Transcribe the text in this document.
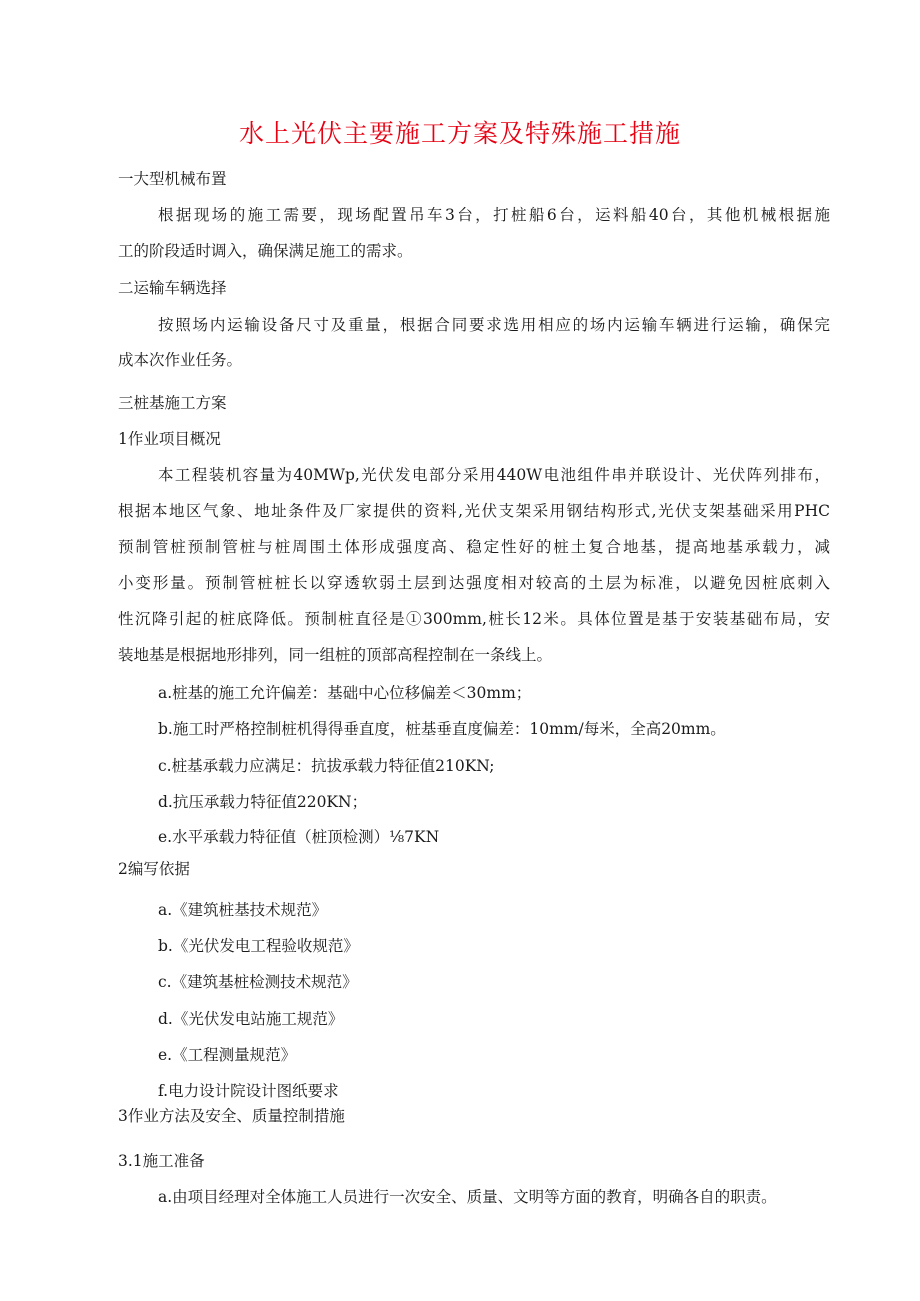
水上光伏主要施工方案及特殊施工措施
一大型机械布置
根据现场的施工需要，现场配置吊车3台，打桩船6台，运料船40台，其他机械根据施
工的阶段适时调入，确保满足施工的需求。
二运输车辆选择
按照场内运输设备尺寸及重量，根据合同要求选用相应的场内运输车辆进行运输，确保完
成本次作业任务。
三桩基施工方案
1作业项目概况
本工程装机容量为40MWp,光伏发电部分采用440W电池组件串并联设计、光伏阵列排布，
根据本地区气象、地址条件及厂家提供的资料,光伏支架采用钢结构形式,光伏支架基础采用PHC
预制管桩预制管桩与桩周围土体形成强度高、稳定性好的桩土复合地基，提高地基承载力，减
小变形量。预制管桩桩长以穿透软弱土层到达强度相对较高的土层为标准，以避免因桩底刺入
性沉降引起的桩底降低。预制桩直径是①300mm,桩长12米。具体位置是基于安装基础布局，安
装地基是根据地形排列，同一组桩的顶部高程控制在一条线上。
a.桩基的施工允许偏差：基础中心位移偏差＜30mm；
b.施工时严格控制桩机得得垂直度，桩基垂直度偏差：10mm/每米，全高20mm。
c.桩基承载力应满足：抗拔承载力特征值210KN;
d.抗压承载力特征值220KN；
e.水平承载力特征值（桩顶检测）⅛7KN
2编写依据
a.《建筑桩基技术规范》
b.《光伏发电工程验收规范》
c.《建筑基桩检测技术规范》
d.《光伏发电站施工规范》
e.《工程测量规范》
f.电力设计院设计图纸要求
3作业方法及安全、质量控制措施
3.1施工准备
a.由项目经理对全体施工人员进行一次安全、质量、文明等方面的教育，明确各自的职责。
